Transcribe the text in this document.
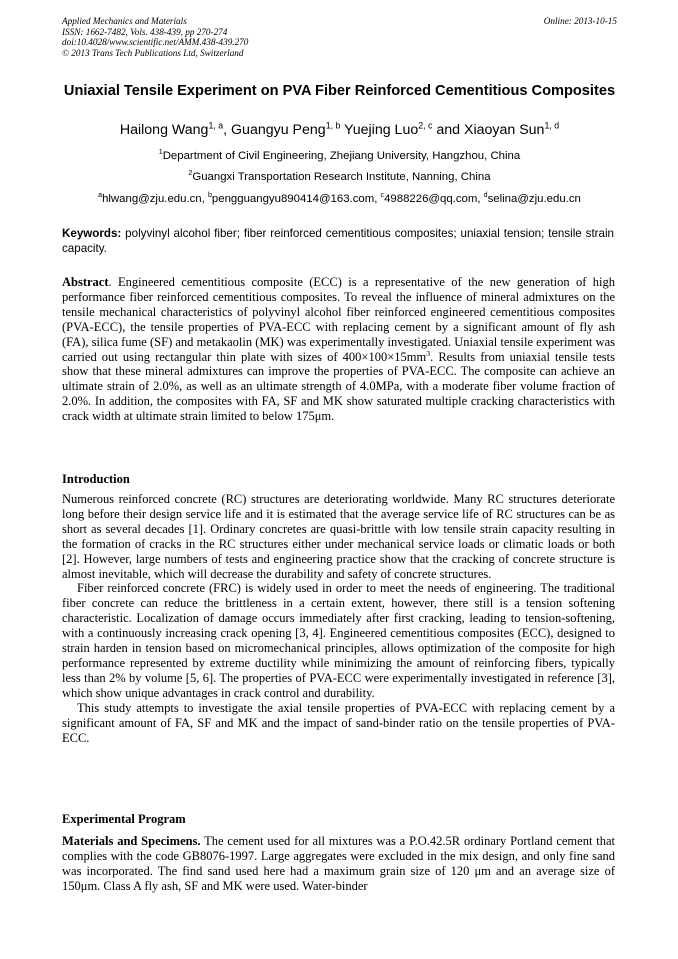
Applied Mechanics and Materials
ISSN: 1662-7482, Vols. 438-439, pp 270-274
doi:10.4028/www.scientific.net/AMM.438-439.270
© 2013 Trans Tech Publications Ltd, Switzerland
Online: 2013-10-15
Uniaxial Tensile Experiment on PVA Fiber Reinforced Cementitious Composites
Hailong Wang$^{1, a}$, Guangyu Peng$^{1, b}$ Yuejing Luo$^{2, c}$ and Xiaoyan Sun$^{1, d}$
$^1$Department of Civil Engineering, Zhejiang University, Hangzhou, China
$^2$Guangxi Transportation Research Institute, Nanning, China
$^a$hlwang@zju.edu.cn, $^b$pengguangyu890414@163.com, $^c$4988226@qq.com, $^d$selina@zju.edu.cn
Keywords: polyvinyl alcohol fiber; fiber reinforced cementitious composites; uniaxial tension; tensile strain capacity.

Abstract. Engineered cementitious composite (ECC) is a representative of the new generation of high performance fiber reinforced cementitious composites. To reveal the influence of mineral admixtures on the tensile mechanical characteristics of polyvinyl alcohol fiber reinforced engineered cementitious composites (PVA-ECC), the tensile properties of PVA-ECC with replacing cement by a significant amount of fly ash (FA), silica fume (SF) and metakaolin (MK) was experimentally investigated. Uniaxial tensile experiment was carried out using rectangular thin plate with sizes of $400\times 100\times 15mm^3$. Results from uniaxial tensile tests show that these mineral admixtures can improve the properties of PVA-ECC. The composite can achieve an ultimate strain of 2.0%, as well as an ultimate strength of 4.0MPa, with a moderate fiber volume fraction of 2.0%. In addition, the composites with FA, SF and MK show saturated multiple cracking characteristics with crack width at ultimate strain limited to below 175μm.

Introduction

Numerous reinforced concrete (RC) structures are deteriorating worldwide. Many RC structures deteriorate long before their design service life and it is estimated that the average service life of RC structures can be as short as several decades [1]. Ordinary concretes are quasi-brittle with low tensile strain capacity resulting in the formation of cracks in the RC structures either under mechanical service loads or climatic loads or both [2]. However, large numbers of tests and engineering practice show that the cracking of concrete structure is almost inevitable, which will decrease the durability and safety of concrete structures.

Fiber reinforced concrete (FRC) is widely used in order to meet the needs of engineering. The traditional fiber concrete can reduce the brittleness in a certain extent, however, there still is a tension softening characteristic. Localization of damage occurs immediately after first cracking, leading to tension-softening, with a continuously increasing crack opening [3, 4]. Engineered cementitious composites (ECC), designed to strain harden in tension based on micromechanical principles, allows optimization of the composite for high performance represented by extreme ductility while minimizing the amount of reinforcing fibers, typically less than 2% by volume [5, 6]. The properties of PVA-ECC were experimentally investigated in reference [3], which show unique advantages in crack control and durability.

This study attempts to investigate the axial tensile properties of PVA-ECC with replacing cement by a significant amount of FA, SF and MK and the impact of sand-binder ratio on the tensile properties of PVA-ECC.

Experimental Program

Materials and Specimens. The cement used for all mixtures was a P.O.42.5R ordinary Portland cement that complies with the code GB8076-1997. Large aggregates were excluded in the mix design, and only fine sand was incorporated. The find sand used here had a maximum grain size of 120 μm and an average size of 150μm. Class A fly ash, SF and MK were used. Water-binder
